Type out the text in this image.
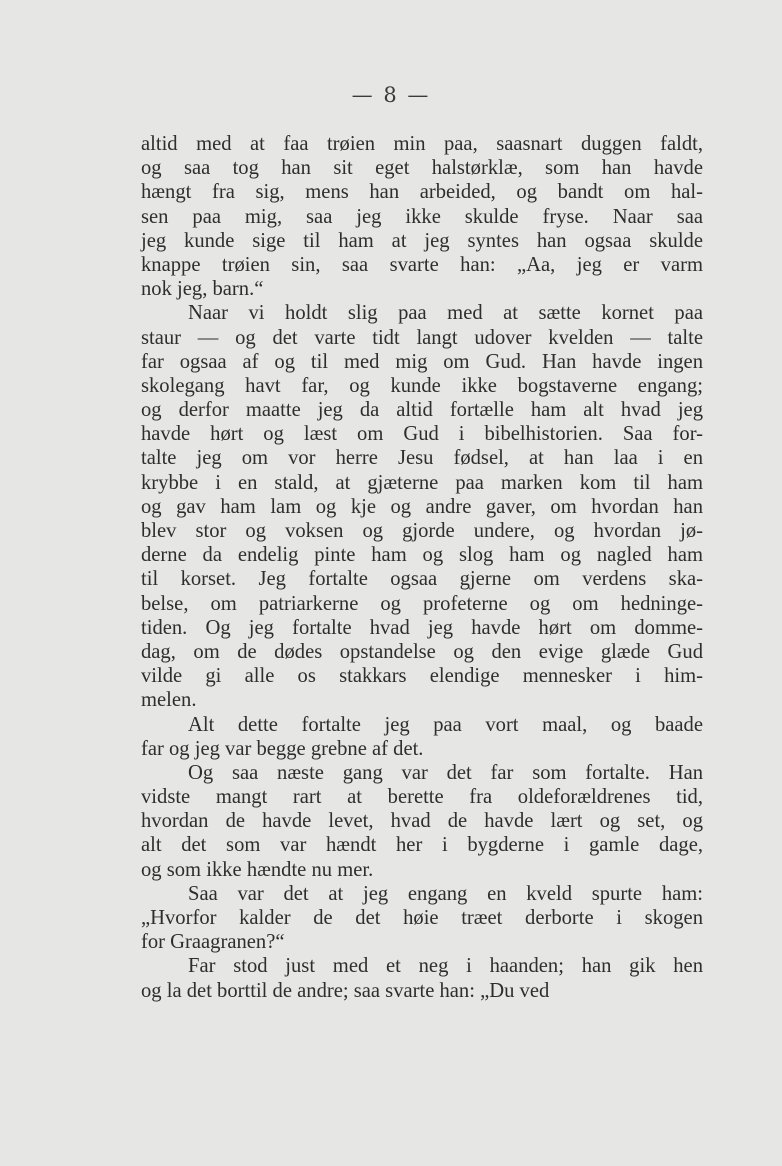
— 8 —
altid med at faa trøien min paa, saasnart duggen faldt,
og saa tog han sit eget halstørklæ, som han havde
hængt fra sig, mens han arbeided, og bandt om hal-
sen paa mig, saa jeg ikke skulde fryse. Naar saa
jeg kunde sige til ham at jeg syntes han ogsaa skulde
knappe trøien sin, saa svarte han: „Aa, jeg er varm
nok jeg, barn.“
Naar vi holdt slig paa med at sætte kornet paa
staur — og det varte tidt langt udover kvelden — talte
far ogsaa af og til med mig om Gud. Han havde ingen
skolegang havt far, og kunde ikke bogstaverne engang;
og derfor maatte jeg da altid fortælle ham alt hvad jeg
havde hørt og læst om Gud i bibelhistorien. Saa for-
talte jeg om vor herre Jesu fødsel, at han laa i en
krybbe i en stald, at gjæterne paa marken kom til ham
og gav ham lam og kje og andre gaver, om hvordan han
blev stor og voksen og gjorde undere, og hvordan jø-
derne da endelig pinte ham og slog ham og nagled ham
til korset. Jeg fortalte ogsaa gjerne om verdens ska-
belse, om patriarkerne og profeterne og om hedninge-
tiden. Og jeg fortalte hvad jeg havde hørt om domme-
dag, om de dødes opstandelse og den evige glæde Gud
vilde gi alle os stakkars elendige mennesker i him-
melen.
Alt dette fortalte jeg paa vort maal, og baade
far og jeg var begge grebne af det.
Og saa næste gang var det far som fortalte. Han
vidste mangt rart at berette fra oldeforældrenes tid,
hvordan de havde levet, hvad de havde lært og set, og
alt det som var hændt her i bygderne i gamle dage,
og som ikke hændte nu mer.
Saa var det at jeg engang en kveld spurte ham:
„Hvorfor kalder de det høie træet derborte i skogen
for Graagranen?“
Far stod just med et neg i haanden; han gik hen
og la det borttil de andre; saa svarte han: „Du ved
